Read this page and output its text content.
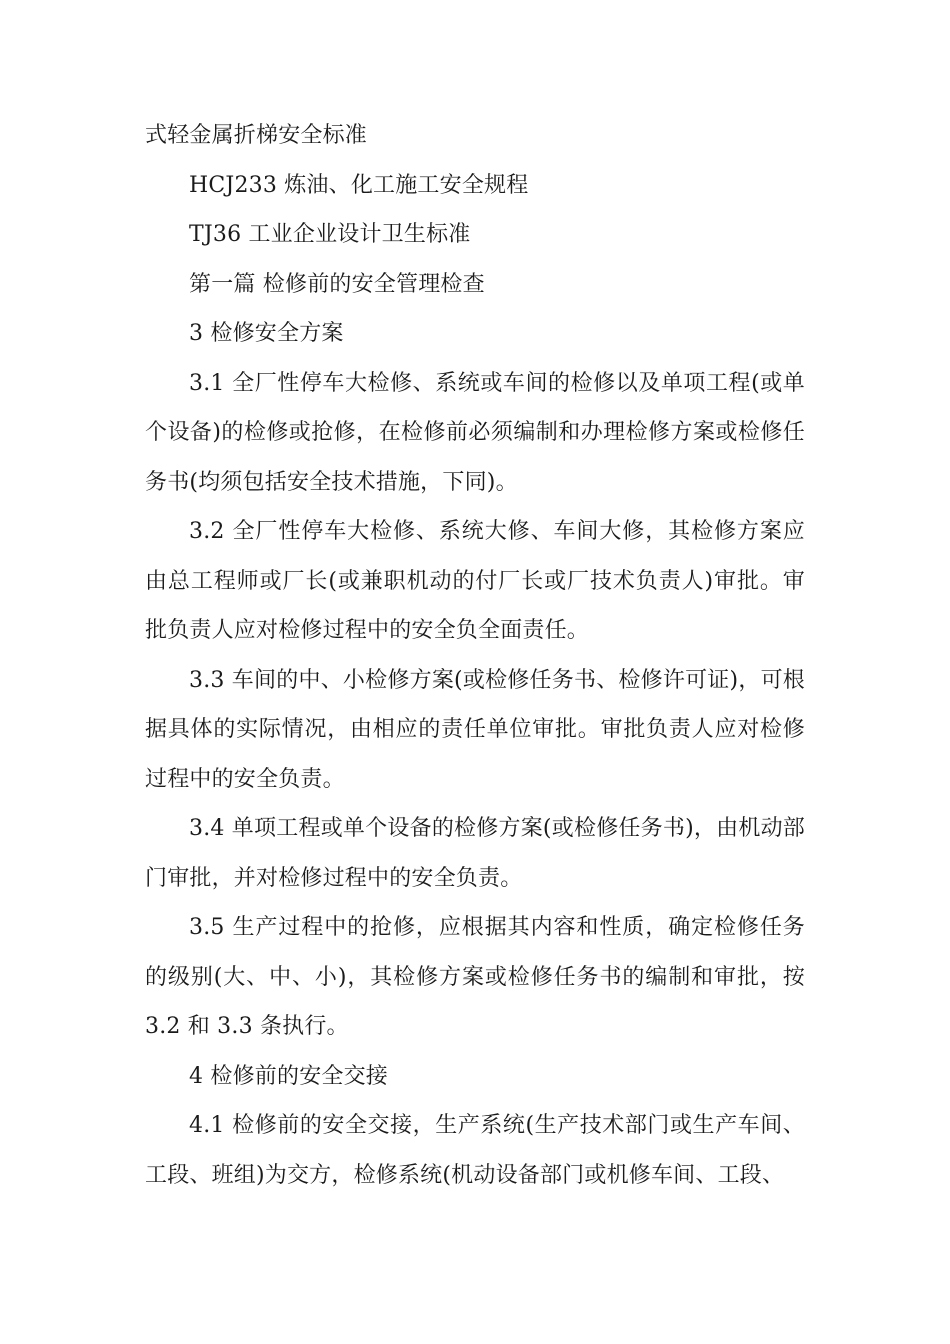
式轻金属折梯安全标准

HCJ233 炼油、化工施工安全规程

TJ36 工业企业设计卫生标准

第一篇 检修前的安全管理检查

3 检修安全方案

3.1 全厂性停车大检修、系统或车间的检修以及单项工程(或单个设备)的检修或抢修，在检修前必须编制和办理检修方案或检修任务书(均须包括安全技术措施，下同)。

3.2 全厂性停车大检修、系统大修、车间大修，其检修方案应由总工程师或厂长(或兼职机动的付厂长或厂技术负责人)审批。审批负责人应对检修过程中的安全负全面责任。

3.3 车间的中、小检修方案(或检修任务书、检修许可证)，可根据具体的实际情况，由相应的责任单位审批。审批负责人应对检修过程中的安全负责。

3.4 单项工程或单个设备的检修方案(或检修任务书)，由机动部门审批，并对检修过程中的安全负责。

3.5 生产过程中的抢修，应根据其内容和性质，确定检修任务的级别(大、中、小)，其检修方案或检修任务书的编制和审批，按 3.2 和 3.3 条执行。

4 检修前的安全交接

4.1 检修前的安全交接，生产系统(生产技术部门或生产车间、工段、班组)为交方，检修系统(机动设备部门或机修车间、工段、
